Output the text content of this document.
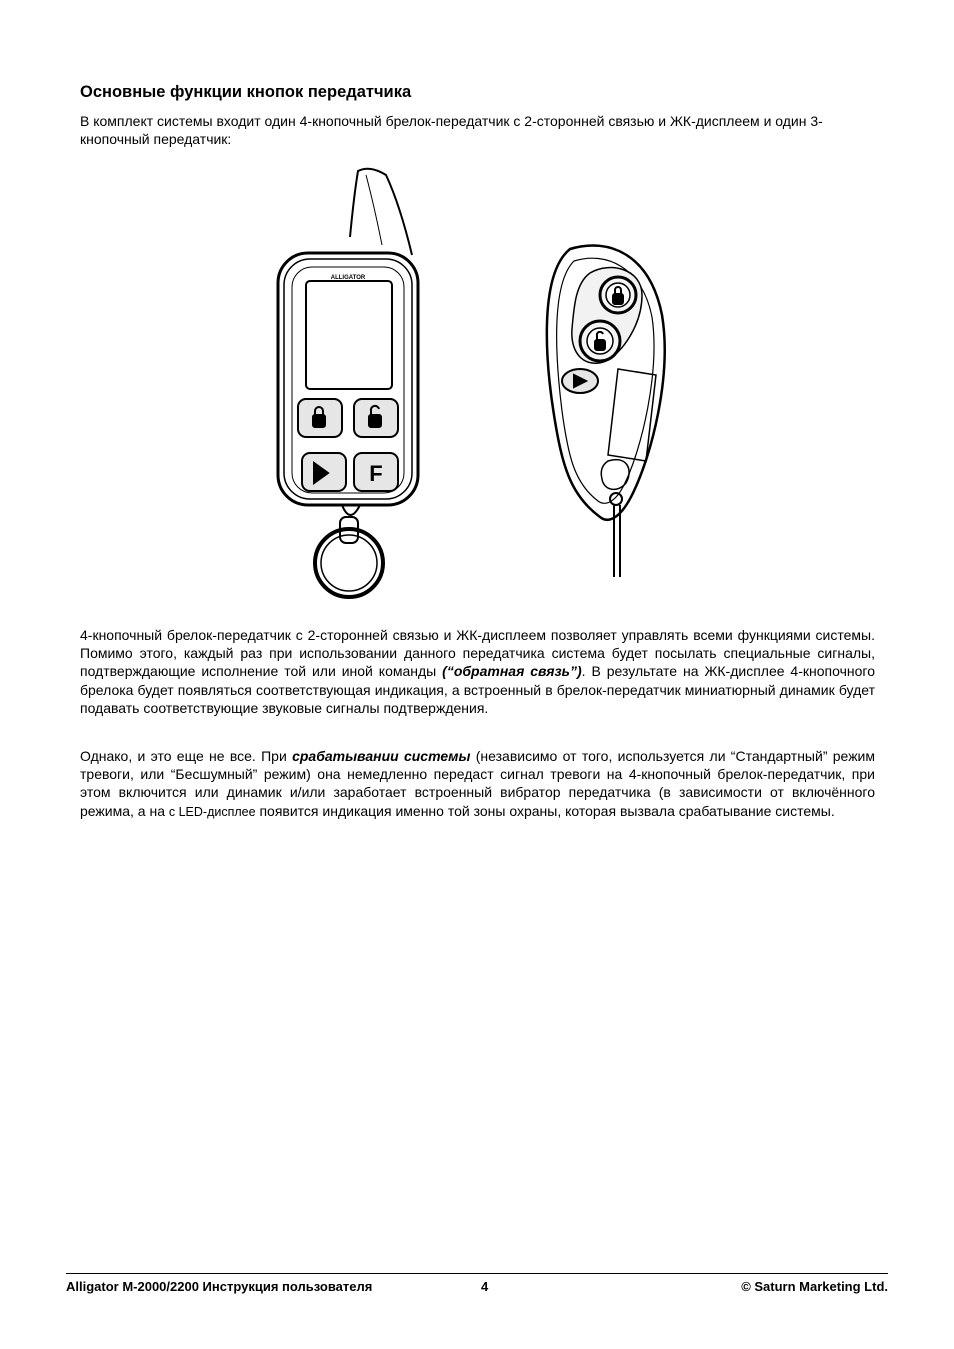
Основные функции кнопок передатчика
В комплект системы входит один 4-кнопочный брелок-передатчик с 2-сторонней связью и ЖК-дисплеем и один 3-кнопочный передатчик:
ALLIGATOR
F
4-кнопочный брелок-передатчик с 2-сторонней связью и ЖК-дисплеем позволяет управлять всеми функциями системы. Помимо этого, каждый раз при использовании данного передатчика система будет посылать специальные сигналы, подтверждающие исполнение той или иной команды (“обратная связь”). В результате на ЖК-дисплее 4-кнопочного брелока будет появляться соответствующая индикация, а встроенный в брелок-передатчик миниатюрный динамик будет подавать соответствующие звуковые сигналы подтверждения.
Однако, и это еще не все. При срабатывании системы (независимо от того, используется ли “Стандартный” режим тревоги, или “Бесшумный” режим) она немедленно передаст сигнал тревоги на 4-кнопочный брелок-передатчик, при этом включится или динамик и/или заработает встроенный вибратор передатчика (в зависимости от включённого режима, а на с LED-дисплее появится индикация именно той зоны охраны, которая вызвала срабатывание системы.
Alligator M-2000/2200 Инструкция пользователя	4	© Saturn Marketing Ltd.
